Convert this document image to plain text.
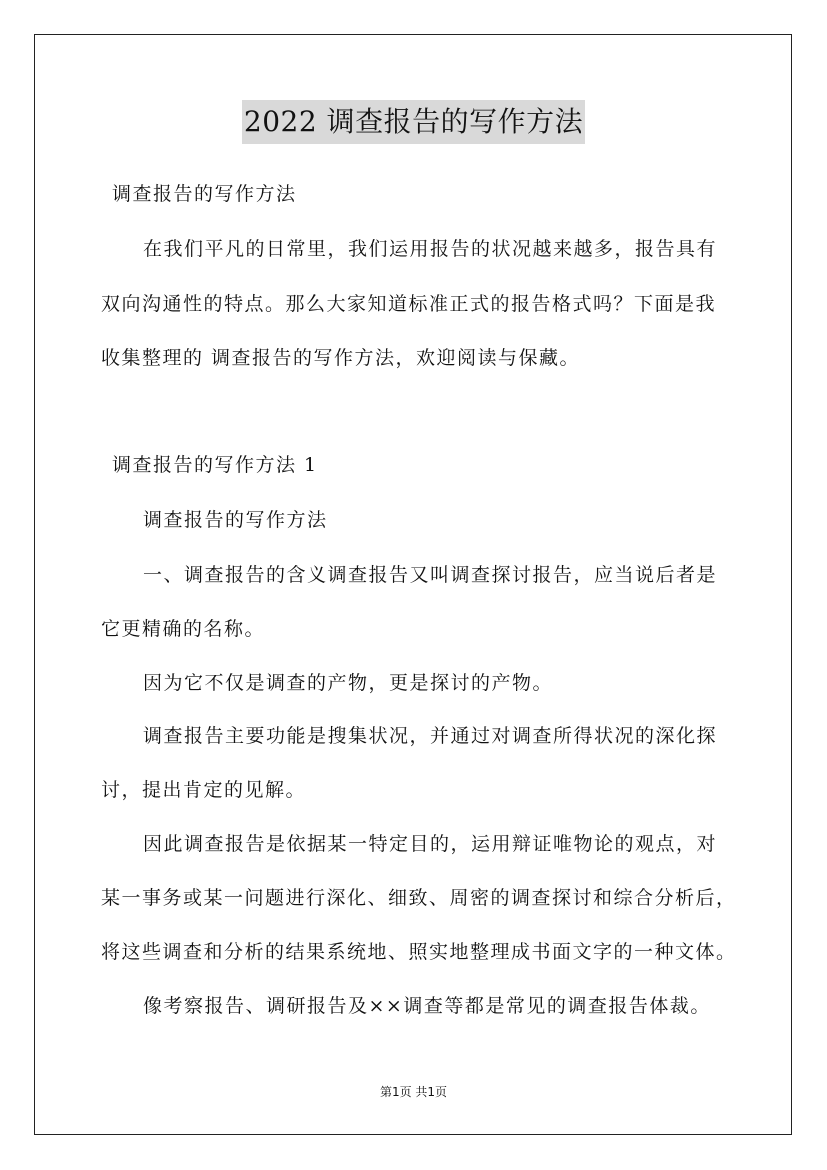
2022 调查报告的写作方法
调查报告的写作方法
在我们平凡的日常里，我们运用报告的状况越来越多，报告具有
双向沟通性的特点。那么大家知道标准正式的报告格式吗？下面是我
收集整理的 调查报告的写作方法，欢迎阅读与保藏。
调查报告的写作方法 1
调查报告的写作方法
一、调查报告的含义调查报告又叫调查探讨报告，应当说后者是
它更精确的名称。
因为它不仅是调查的产物，更是探讨的产物。
调查报告主要功能是搜集状况，并通过对调查所得状况的深化探
讨，提出肯定的见解。
因此调查报告是依据某一特定目的，运用辩证唯物论的观点，对
某一事务或某一问题进行深化、细致、周密的调查探讨和综合分析后，
将这些调查和分析的结果系统地、照实地整理成书面文字的一种文体。
像考察报告、调研报告及××调查等都是常见的调查报告体裁。
第1页 共1页
